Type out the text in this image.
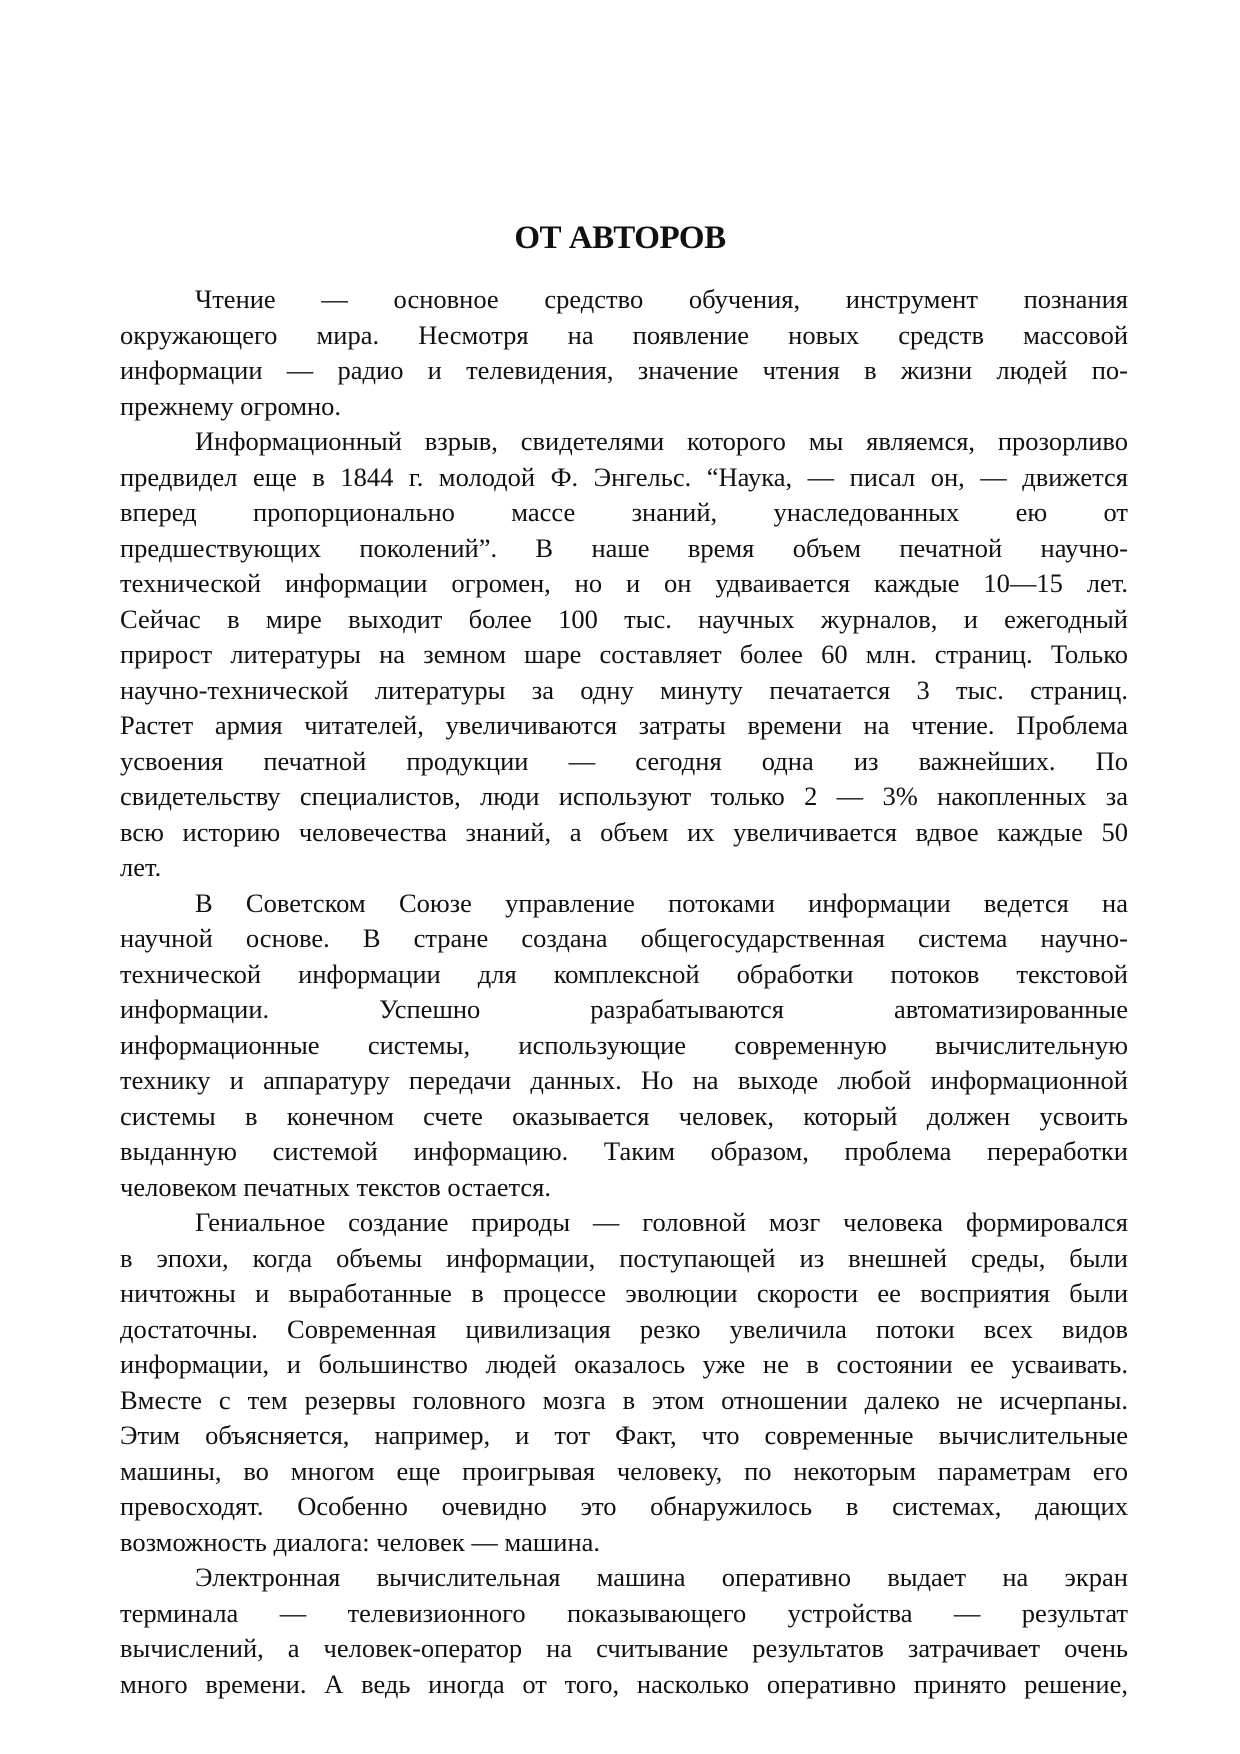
ОТ АВТОРОВ
Чтение — основное средство обучения, инструмент познания
окружающего мира. Несмотря на появление новых средств массовой
информации — радио и телевидения, значение чтения в жизни людей по-
прежнему огромно.
Информационный взрыв, свидетелями которого мы являемся, прозорливо
предвидел еще в 1844 г. молодой Ф. Энгельс. “Наука, — писал он, — движется
вперед пропорционально массе знаний, унаследованных ею от
предшествующих поколений”. В наше время объем печатной научно-
технической информации огромен, но и он удваивается каждые 10—15 лет.
Сейчас в мире выходит более 100 тыс. научных журналов, и ежегодный
прирост литературы на земном шаре составляет более 60 млн. страниц. Только
научно-технической литературы за одну минуту печатается 3 тыс. страниц.
Растет армия читателей, увеличиваются затраты времени на чтение. Проблема
усвоения печатной продукции — сегодня одна из важнейших. По
свидетельству специалистов, люди используют только 2 — 3% накопленных за
всю историю человечества знаний, а объем их увеличивается вдвое каждые 50
лет.
В Советском Союзе управление потоками информации ведется на
научной основе. В стране создана общегосударственная система научно-
технической информации для комплексной обработки потоков текстовой
информации. Успешно разрабатываются автоматизированные
информационные системы, использующие современную вычислительную
технику и аппаратуру передачи данных. Но на выходе любой информационной
системы в конечном счете оказывается человек, который должен усвоить
выданную системой информацию. Таким образом, проблема переработки
человеком печатных текстов остается.
Гениальное создание природы — головной мозг человека формировался
в эпохи, когда объемы информации, поступающей из внешней среды, были
ничтожны и выработанные в процессе эволюции скорости ее восприятия были
достаточны. Современная цивилизация резко увеличила потоки всех видов
информации, и большинство людей оказалось уже не в состоянии ее усваивать.
Вместе с тем резервы головного мозга в этом отношении далеко не исчерпаны.
Этим объясняется, например, и тот Факт, что современные вычислительные
машины, во многом еще проигрывая человеку, по некоторым параметрам его
превосходят. Особенно очевидно это обнаружилось в системах, дающих
возможность диалога: человек — машина.
Электронная вычислительная машина оперативно выдает на экран
терминала — телевизионного показывающего устройства — результат
вычислений, а человек-оператор на считывание результатов затрачивает очень
много времени. А ведь иногда от того, насколько оперативно принято решение,
